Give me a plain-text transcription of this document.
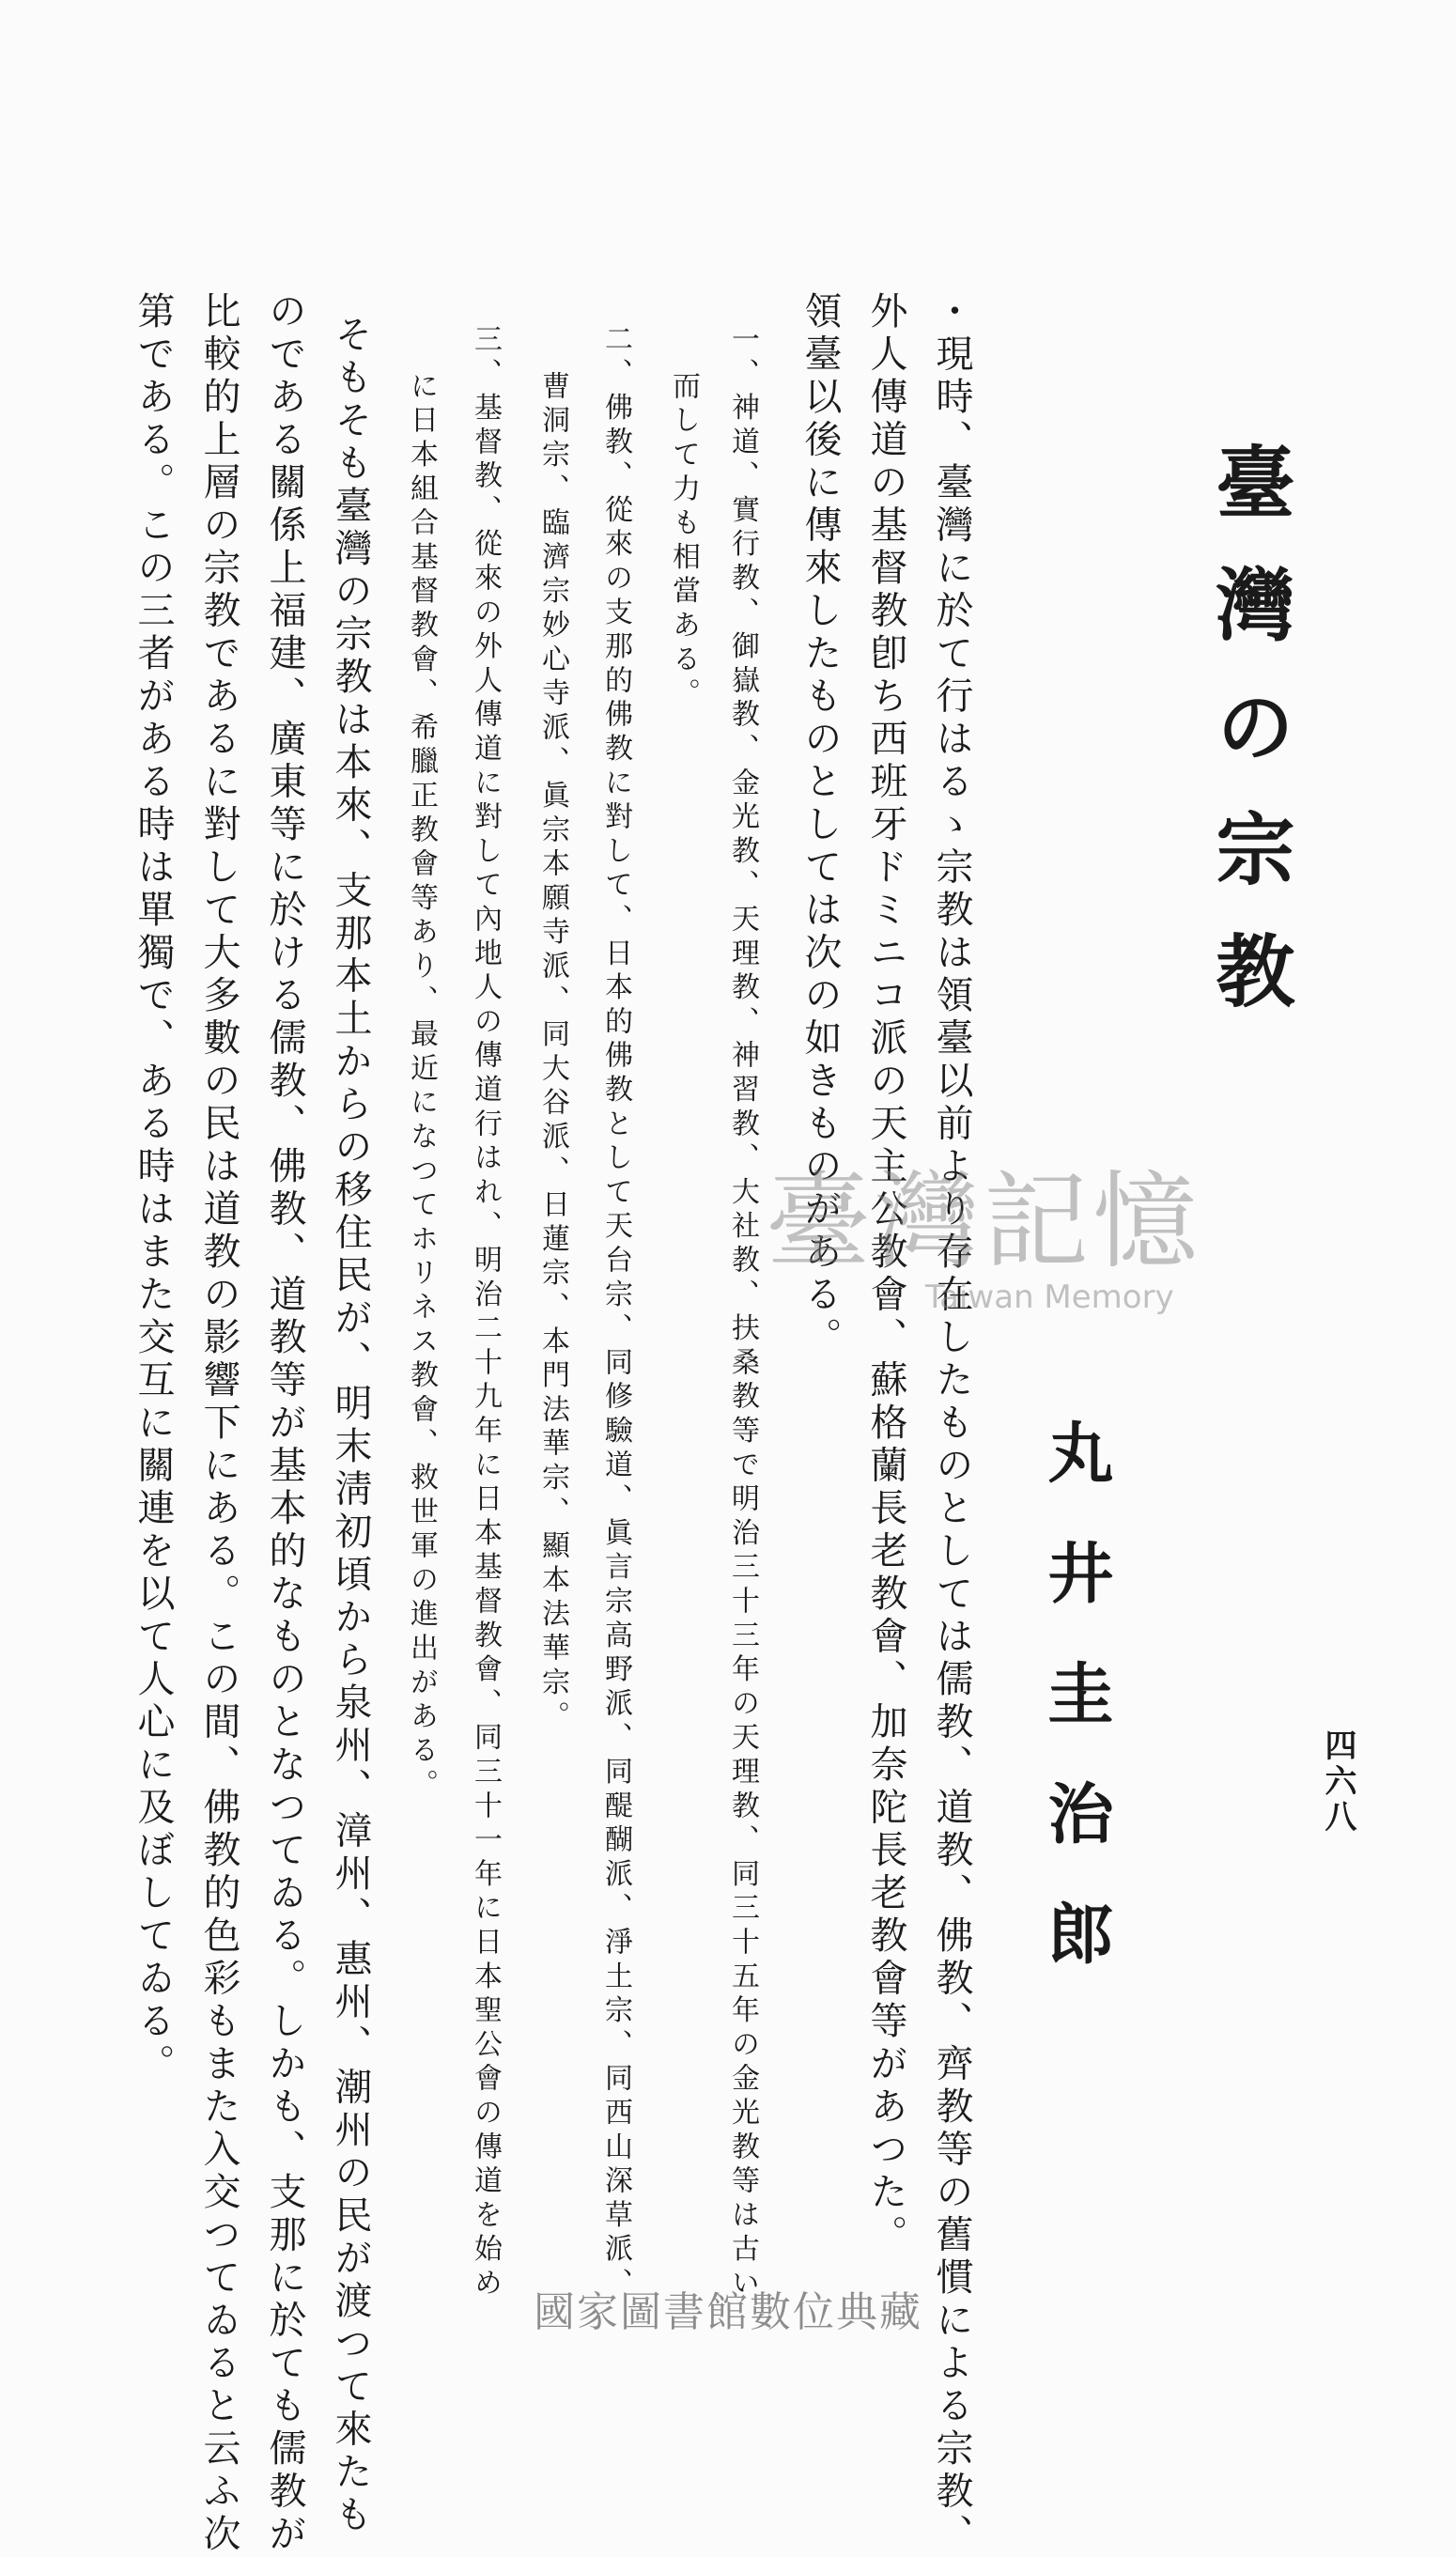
臺灣の宗教
丸井圭治郎	四六八
・現時、臺灣に於て行はるゝ宗教は領臺以前より存在したものとしては儒教、道教、佛教、齊教等の舊慣による宗教、
外人傳道の基督教卽ち西班牙ドミニコ派の天主公教會、蘇格蘭長老教會、加奈陀長老教會等があつた。
領臺以後に傳來したものとしては次の如きものがある。
一、神道、實行教、御嶽教、金光教、天理教、神習教、大社教、扶桑教等で明治三十三年の天理教、同三十五年の金光教等は古い
而して力も相當ある。
二、佛教、從來の支那的佛教に對して、日本的佛教として天台宗、同修驗道、眞言宗高野派、同醍醐派、淨土宗、同西山深草派、
曹洞宗、臨濟宗妙心寺派、眞宗本願寺派、同大谷派、日蓮宗、本門法華宗、顯本法華宗。
三、基督教、從來の外人傳道に對して內地人の傳道行はれ、明治二十九年に日本基督教會、同三十一年に日本聖公會の傳道を始め
に日本組合基督教會、希臘正教會等あり、最近になつてホリネス教會、救世軍の進出がある。
そもそも臺灣の宗教は本來、支那本土からの移住民が、明末淸初頃から泉州、漳州、惠州、潮州の民が渡つて來たも
のである關係上福建、廣東等に於ける儒教、佛教、道教等が基本的なものとなつてゐる。しかも、支那に於ても儒教が
比較的上層の宗教であるに對して大多數の民は道教の影響下にある。この間、佛教的色彩もまた入交つてゐると云ふ次
第である。この三者がある時は單獨で、ある時はまた交互に關連を以て人心に及ぼしてゐる。	臺灣記憶
Taiwan Memory
國家圖書館數位典藏
